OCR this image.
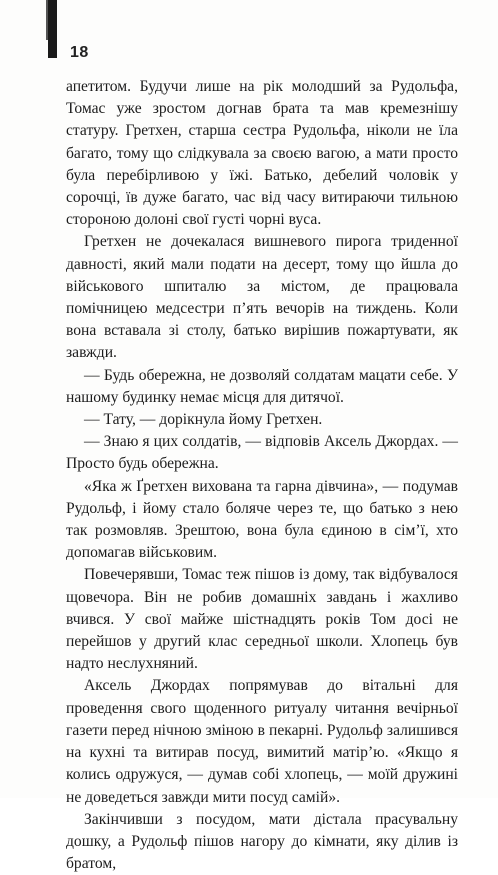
18

апетитом. Будучи лише на рік молодший за Рудольфа, Томас уже зростом догнав брата та мав кремезнішу статуру. Гретхен, старша сестра Рудольфа, ніколи не їла багато, тому що слідкувала за своєю вагою, а мати просто була перебірливою у їжі. Батько, дебелий чоловік у сорочці, їв дуже багато, час від часу витираючи тильною стороною долоні свої густі чорні вуса.

Гретхен не дочекалася вишневого пирога триденної давності, який мали подати на десерт, тому що йшла до військового шпиталю за містом, де працювала помічницею медсестри п’ять вечорів на тиждень. Коли вона вставала зі столу, батько вирішив пожартувати, як завжди.

— Будь обережна, не дозволяй солдатам мацати себе. У нашому будинку немає місця для дитячої.

— Тату, — дорікнула йому Гретхен.

— Знаю я цих солдатів, — відповів Аксель Джордах. — Просто будь обережна.

«Яка ж Ґретхен вихована та гарна дівчина», — подумав Рудольф, і йому стало боляче через те, що батько з нею так розмовляв. Зрештою, вона була єдиною в сім’ї, хто допомагав військовим.

Повечерявши, Томас теж пішов із дому, так відбувалося щовечора. Він не робив домашніх завдань і жахливо вчився. У свої майже шістнадцять років Том досі не перейшов у другий клас середньої школи. Хлопець був надто неслухняний.

Аксель Джордах попрямував до вітальні для проведення свого щоденного ритуалу читання вечірньої газети перед нічною зміною в пекарні. Рудольф залишився на кухні та витирав посуд, вимитий матір’ю. «Якщо я колись одружуся, — думав собі хлопець, — моїй дружині не доведеться завжди мити посуд самій».

Закінчивши з посудом, мати дістала прасувальну дошку, а Рудольф пішов нагору до кімнати, яку ділив із братом,
